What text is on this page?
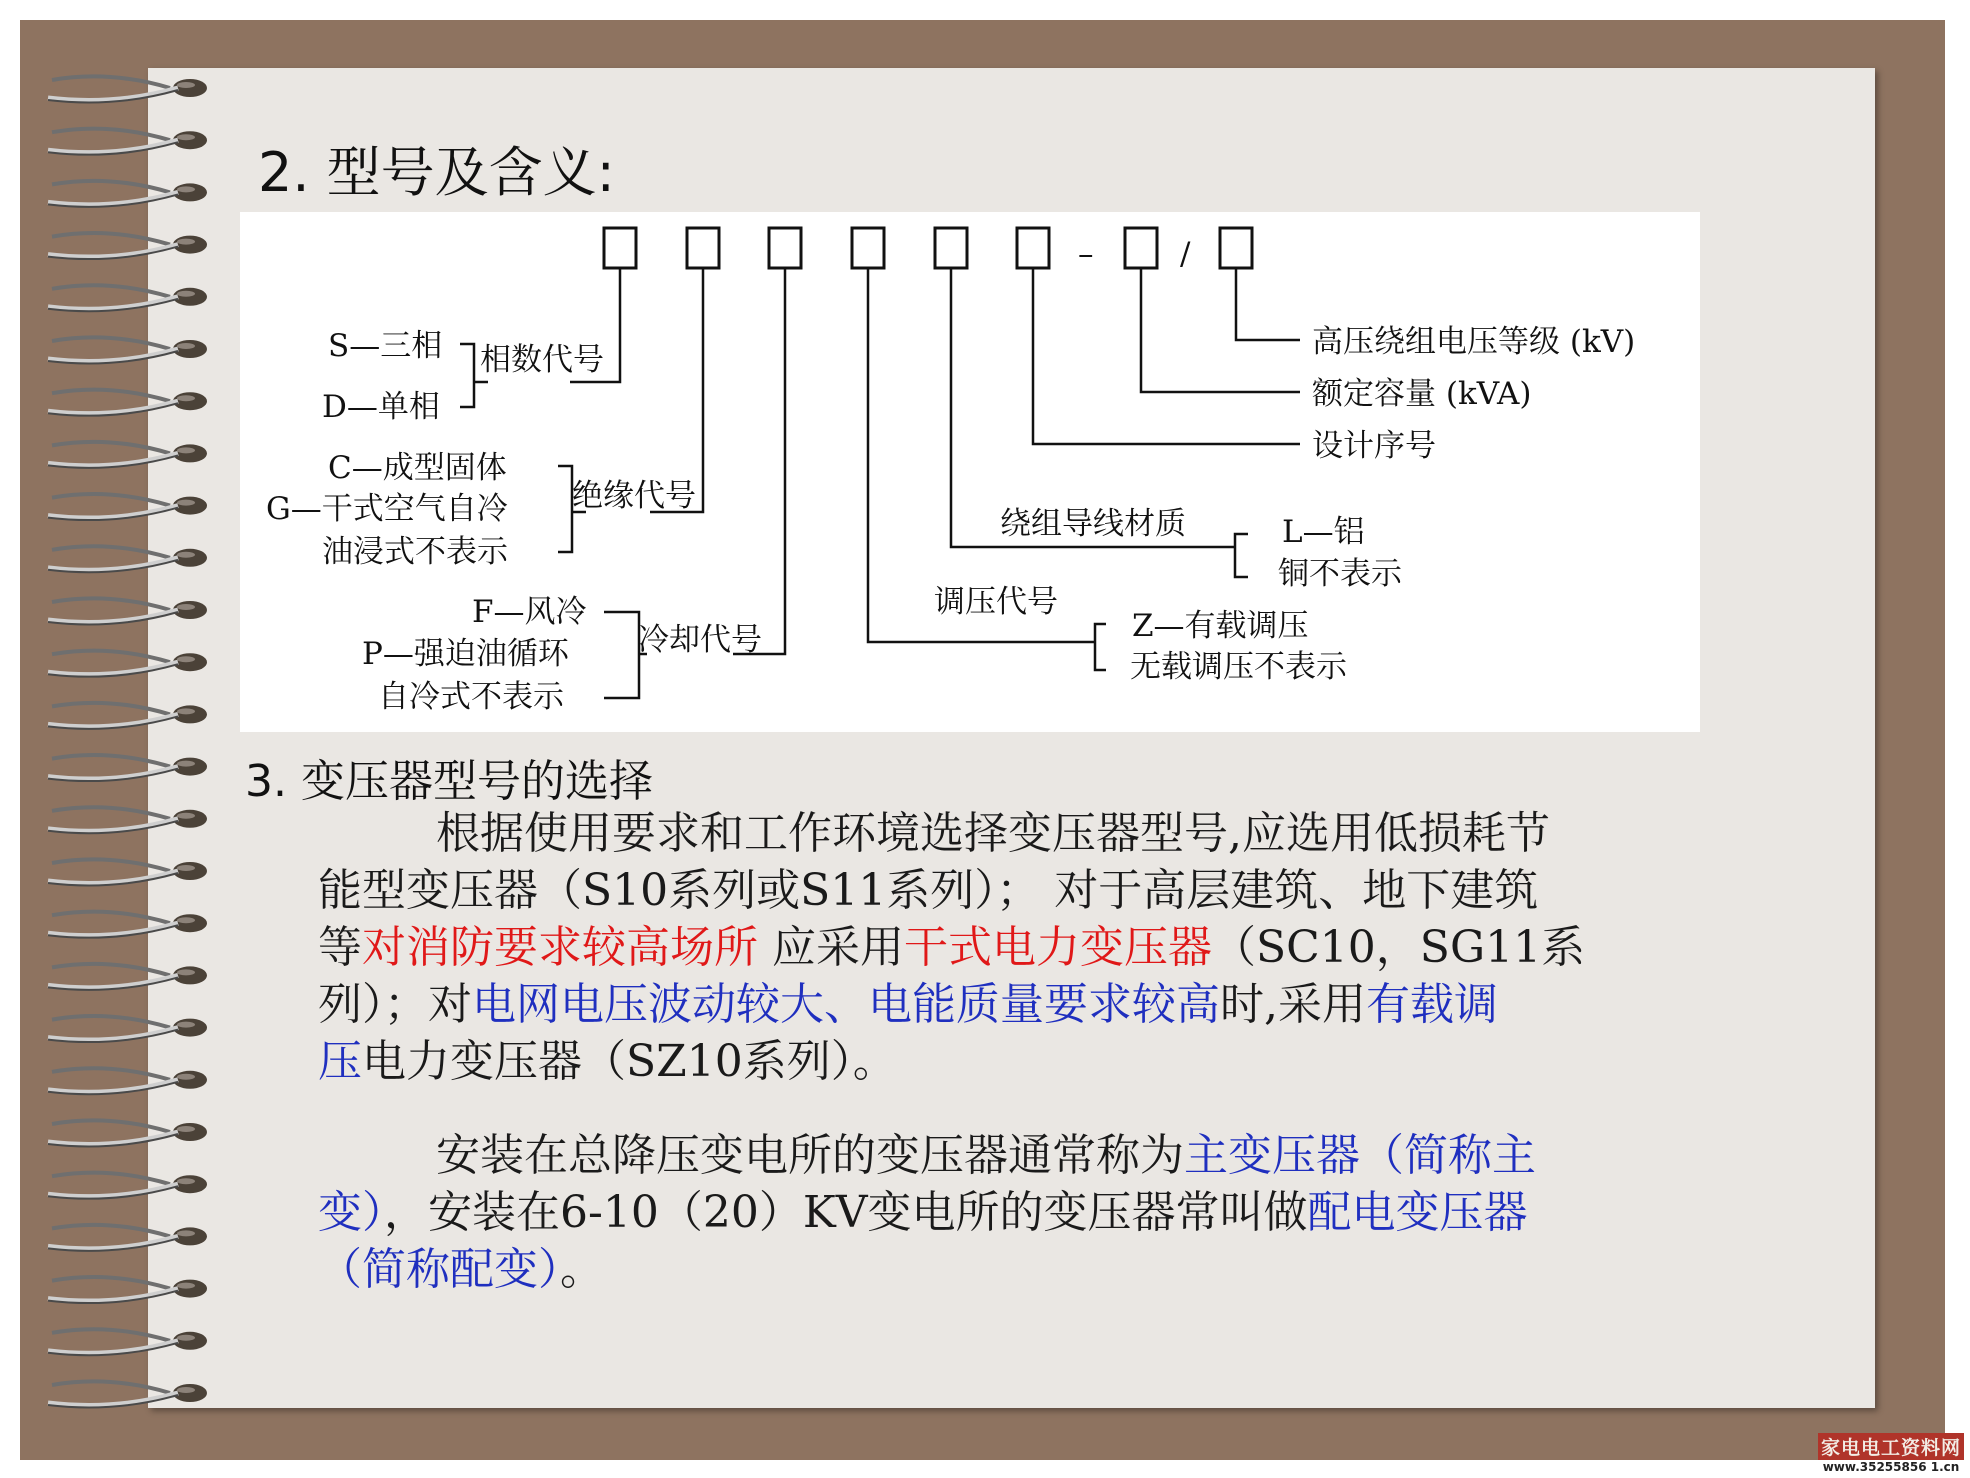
2. 型号及含义:
–	/
S—三相
D—单相
相数代号
C—成型固体
G—干式空气自冷
油浸式不表示
绝缘代号
F—风冷
P—强迫油循环
自冷式不表示
冷却代号
调压代号
Z—有载调压
无载调压不表示
绕组导线材质	L—铝
铜不表示
设计序号
额定容量 (kVA)
高压绕组电压等级 (kV)
3. 变压器型号的选择

根据使用要求和工作环境选择变压器型号,应选用低损耗节
能型变压器（S10系列或S11系列）； 对于高层建筑、地下建筑
等对消防要求较高场所 应采用干式电力变压器（SC10，SG11系
列）；对电网电压波动较大、电能质量要求较高时,采用有载调
压电力变压器（SZ10系列）。

安装在总降压变电所的变压器通常称为主变压器（简称主
变），安装在6-10（20）KV变电所的变压器常叫做配电变压器
（简称配变）。

家电电工资料网
www.35255856 1.cn
